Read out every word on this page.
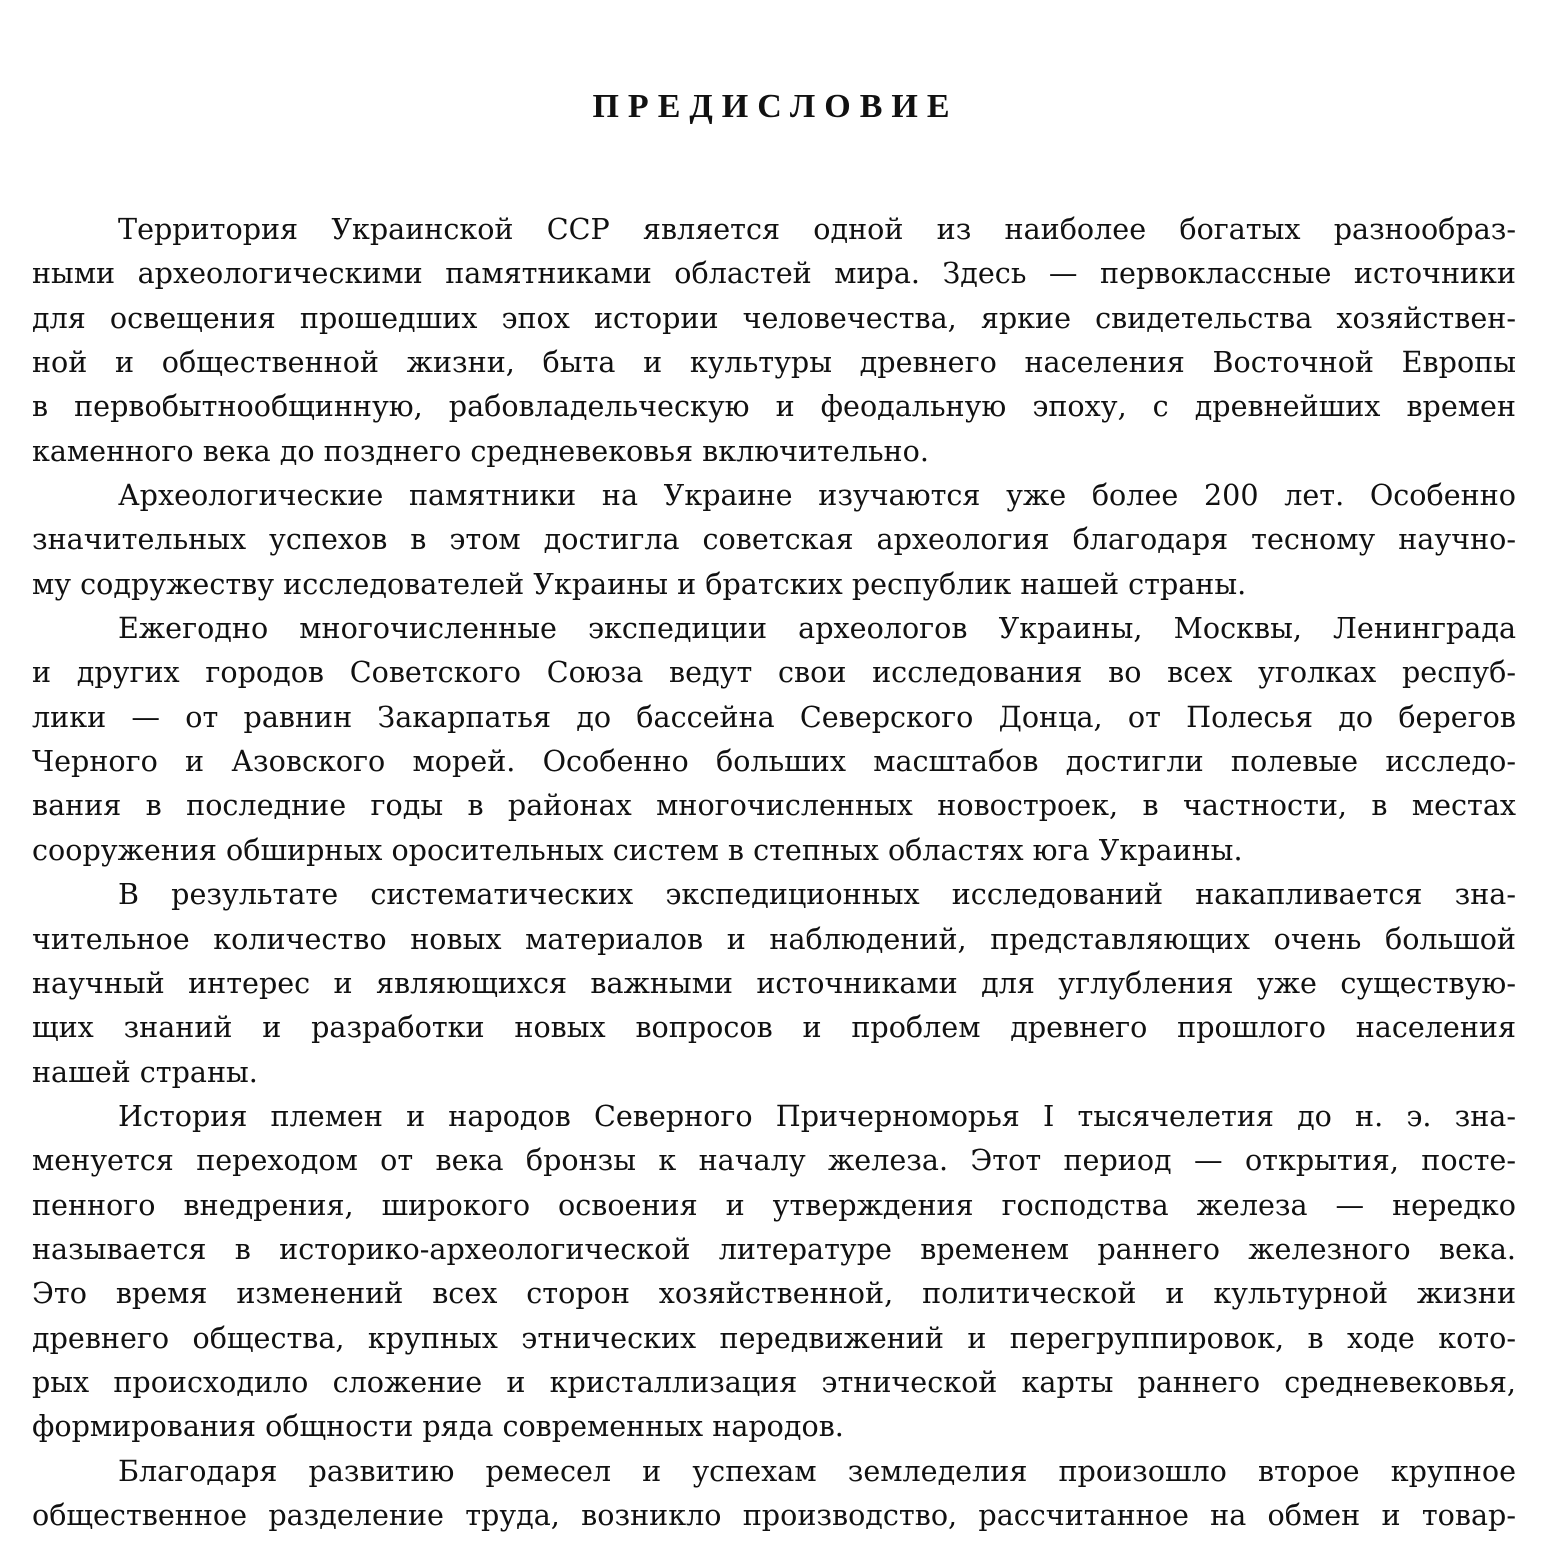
ПРЕДИСЛОВИЕ
Территория Украинской ССР является одной из наиболее богатых разнообраз-
ными археологическими памятниками областей мира. Здесь — первоклассные источники
для освещения прошедших эпох истории человечества, яркие свидетельства хозяйствен-
ной и общественной жизни, быта и культуры древнего населения Восточной Европы
в первобытнообщинную, рабовладельческую и феодальную эпоху, с древнейших времен
каменного века до позднего средневековья включительно.
Археологические памятники на Украине изучаются уже более 200 лет. Особенно
значительных успехов в этом достигла советская археология благодаря тесному научно-
му содружеству исследователей Украины и братских республик нашей страны.
Ежегодно многочисленные экспедиции археологов Украины, Москвы, Ленинграда
и других городов Советского Союза ведут свои исследования во всех уголках респуб-
лики — от равнин Закарпатья до бассейна Северского Донца, от Полесья до берегов
Черного и Азовского морей. Особенно больших масштабов достигли полевые исследо-
вания в последние годы в районах многочисленных новостроек, в частности, в местах
сооружения обширных оросительных систем в степных областях юга Украины.
В результате систематических экспедиционных исследований накапливается зна-
чительное количество новых материалов и наблюдений, представляющих очень большой
научный интерес и являющихся важными источниками для углубления уже существую-
щих знаний и разработки новых вопросов и проблем древнего прошлого населения
нашей страны.
История племен и народов Северного Причерноморья I тысячелетия до н. э. зна-
менуется переходом от века бронзы к началу железа. Этот период — открытия, посте-
пенного внедрения, широкого освоения и утверждения господства железа — нередко
называется в историко-археологической литературе временем раннего железного века.
Это время изменений всех сторон хозяйственной, политической и культурной жизни
древнего общества, крупных этнических передвижений и перегруппировок, в ходе кото-
рых происходило сложение и кристаллизация этнической карты раннего средневековья,
формирования общности ряда современных народов.
Благодаря развитию ремесел и успехам земледелия произошло второе крупное
общественное разделение труда, возникло производство, рассчитанное на обмен и товар-
